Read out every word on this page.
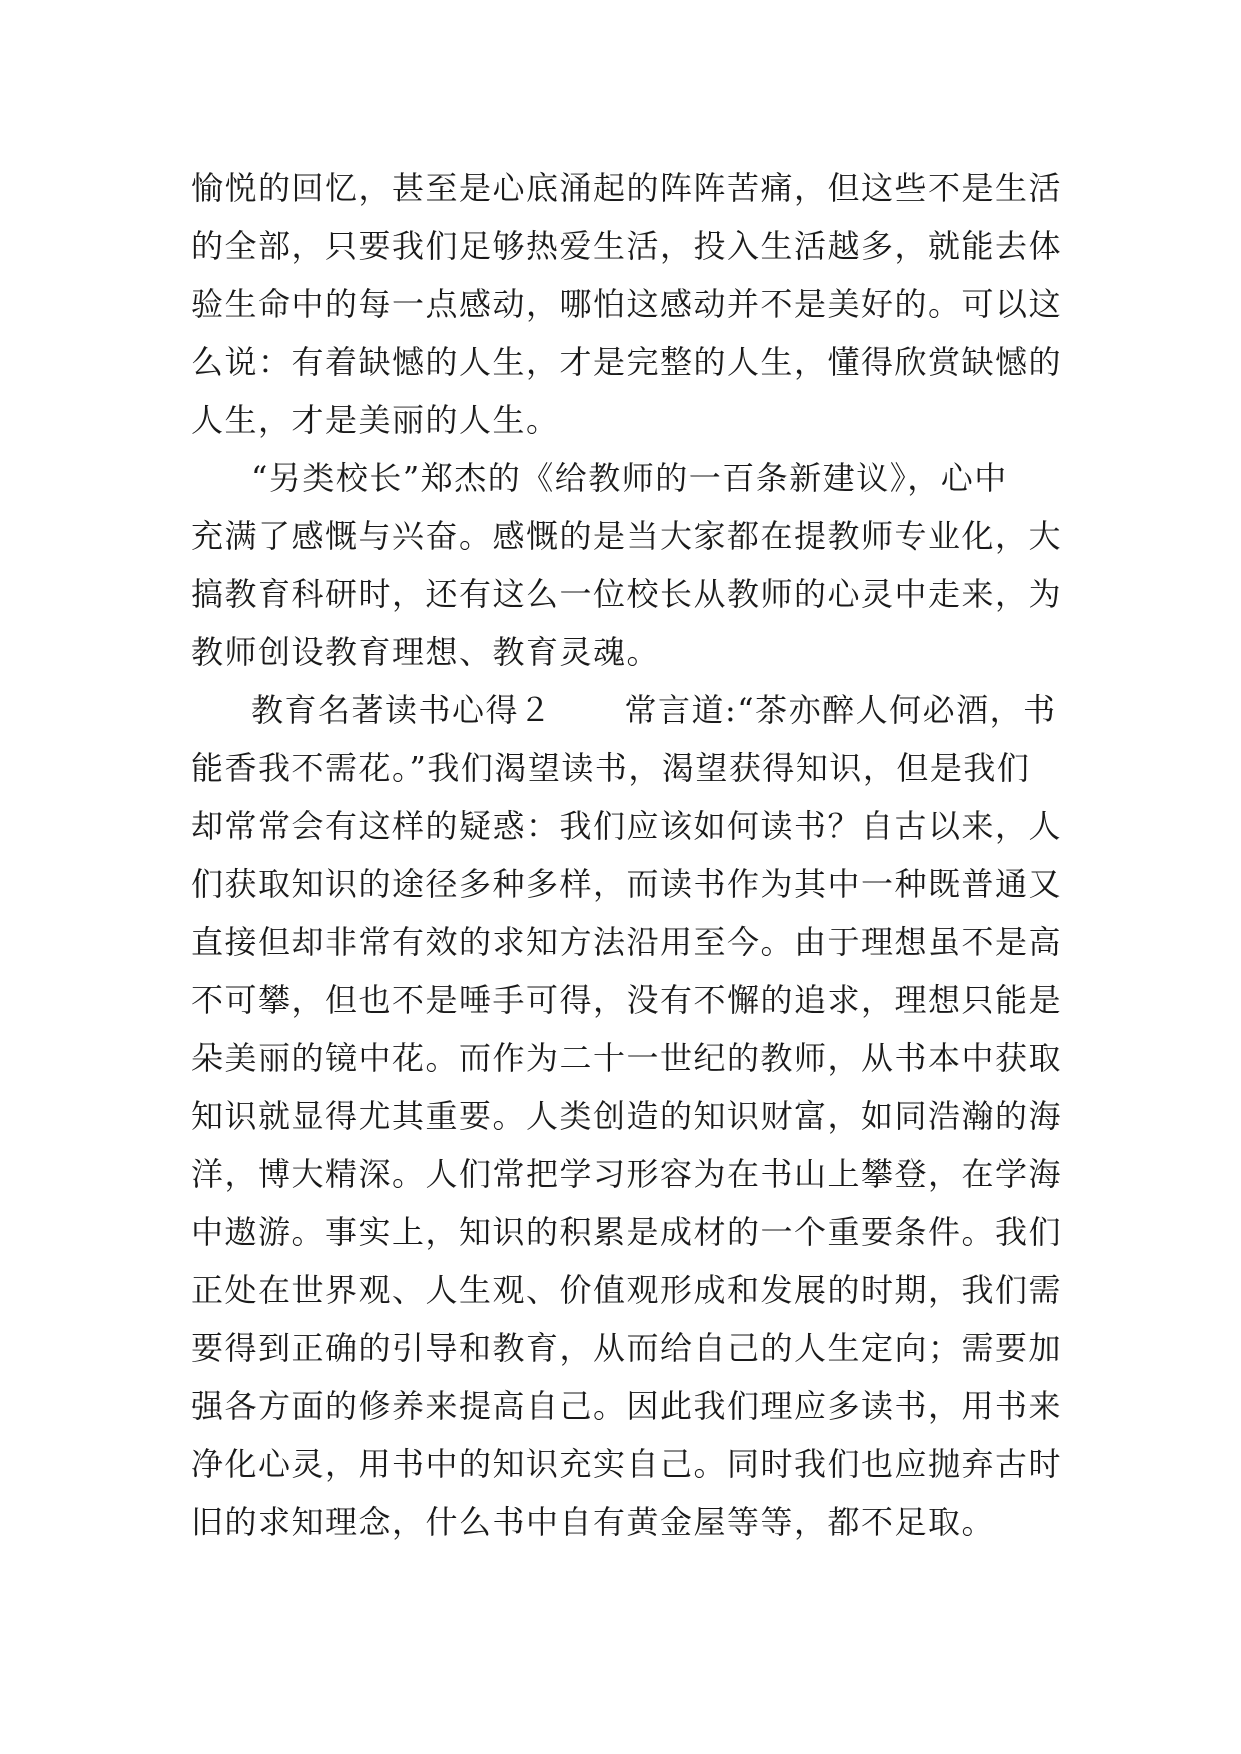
愉悦的回忆，甚至是心底涌起的阵阵苦痛，但这些不是生活
的全部，只要我们足够热爱生活，投入生活越多，就能去体
验生命中的每一点感动，哪怕这感动并不是美好的。可以这
么说：有着缺憾的人生，才是完整的人生，懂得欣赏缺憾的
人生，才是美丽的人生。
“另类校长”郑杰的《给教师的一百条新建议》，心中
充满了感慨与兴奋。感慨的是当大家都在提教师专业化，大
搞教育科研时，还有这么一位校长从教师的心灵中走来，为
教师创设教育理想、教育灵魂。
教育名著读书心得２ 常言道:“茶亦醉人何必酒，书
能香我不需花。”我们渴望读书，渴望获得知识，但是我们
却常常会有这样的疑惑：我们应该如何读书？自古以来，人
们获取知识的途径多种多样，而读书作为其中一种既普通又
直接但却非常有效的求知方法沿用至今。由于理想虽不是高
不可攀，但也不是唾手可得，没有不懈的追求，理想只能是
朵美丽的镜中花。而作为二十一世纪的教师，从书本中获取
知识就显得尤其重要。人类创造的知识财富，如同浩瀚的海
洋，博大精深。人们常把学习形容为在书山上攀登，在学海
中遨游。事实上，知识的积累是成材的一个重要条件。我们
正处在世界观、人生观、价值观形成和发展的时期，我们需
要得到正确的引导和教育，从而给自己的人生定向；需要加
强各方面的修养来提高自己。因此我们理应多读书，用书来
净化心灵，用书中的知识充实自己。同时我们也应抛弃古时
旧的求知理念，什么书中自有黄金屋等等，都不足取。
